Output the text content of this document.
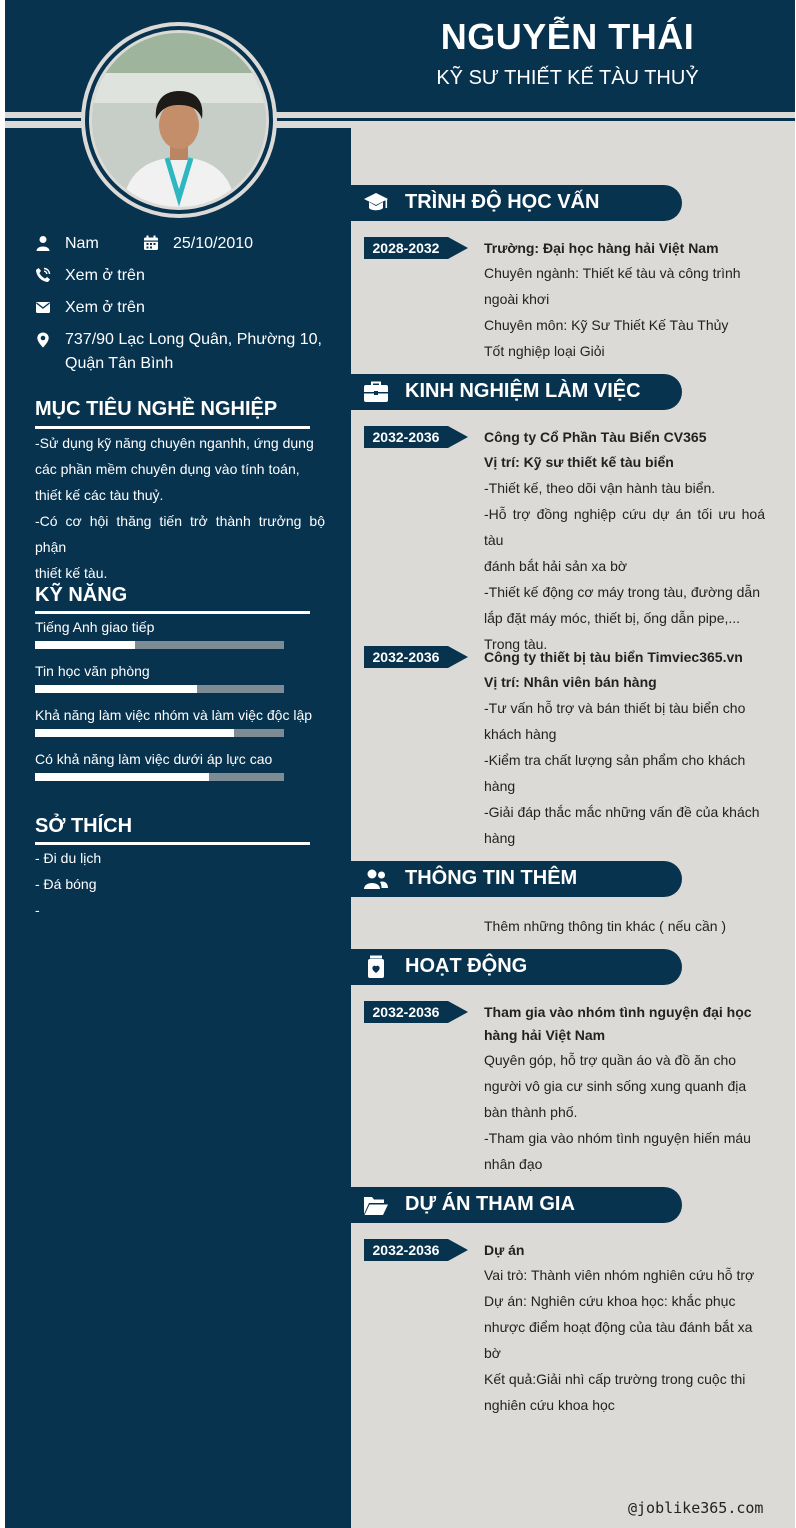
NGUYỄN THÁI
KỸ SƯ THIẾT KẾ TÀU THUỶ
Nam	25/10/2010
Xem ở trên
Xem ở trên
737/90 Lạc Long Quân, Phường 10,
Quận Tân Bình
MỤC TIÊU NGHỀ NGHIỆP
-Sử dụng kỹ năng chuyên nganhh, ứng dụng
các phần mềm chuyên dụng vào tính toán,
thiết kế các tàu thuỷ.
-Có cơ hội thăng tiến trở thành trưởng bộ phận
thiết kế tàu.
KỸ NĂNG
Tiếng Anh giao tiếp
Tin học văn phòng
Khả năng làm việc nhóm và làm việc độc lập
Có khả năng làm việc dưới áp lực cao
SỞ THÍCH
- Đi du lịch
- Đá bóng
-
TRÌNH ĐỘ HỌC VẤN
2028-2032	Trường: Đại học hàng hải Việt Nam
Chuyên ngành: Thiết kế tàu và công trình
ngoài khơi
Chuyên môn: Kỹ Sư Thiết Kế Tàu Thủy
Tốt nghiệp loại Giỏi
KINH NGHIỆM LÀM VIỆC
2032-2036	Công ty Cổ Phần Tàu Biển CV365
Vị trí: Kỹ sư thiết kế tàu biển
-Thiết kế, theo dõi vận hành tàu biển.
-Hỗ trợ đồng nghiệp cứu dự án tối ưu hoá tàu
đánh bắt hải sản xa bờ
-Thiết kế động cơ máy trong tàu, đường dẫn
lắp đặt máy móc, thiết bị, ống dẫn pipe,...
Trong tàu.
2032-2036	Công ty thiết bị tàu biển Timviec365.vn
Vị trí: Nhân viên bán hàng
-Tư vấn hỗ trợ và bán thiết bị tàu biển cho
khách hàng
-Kiểm tra chất lượng sản phẩm cho khách
hàng
-Giải đáp thắc mắc những vấn đề của khách
hàng
THÔNG TIN THÊM
Thêm những thông tin khác ( nếu cần )
HOẠT ĐỘNG
2032-2036	Tham gia vào nhóm tình nguyện đại học
hàng hải Việt Nam
Quyên góp, hỗ trợ quần áo và đồ ăn cho
người vô gia cư sinh sống xung quanh địa
bàn thành phố.
-Tham gia vào nhóm tình nguyện hiến máu
nhân đạo
DỰ ÁN THAM GIA
2032-2036	Dự án
Vai trò: Thành viên nhóm nghiên cứu hỗ trợ
Dự án: Nghiên cứu khoa học: khắc phục
nhược điểm hoạt động của tàu đánh bắt xa
bờ
Kết quả:Giải nhì cấp trường trong cuộc thi
nghiên cứu khoa học
@joblike365.com
